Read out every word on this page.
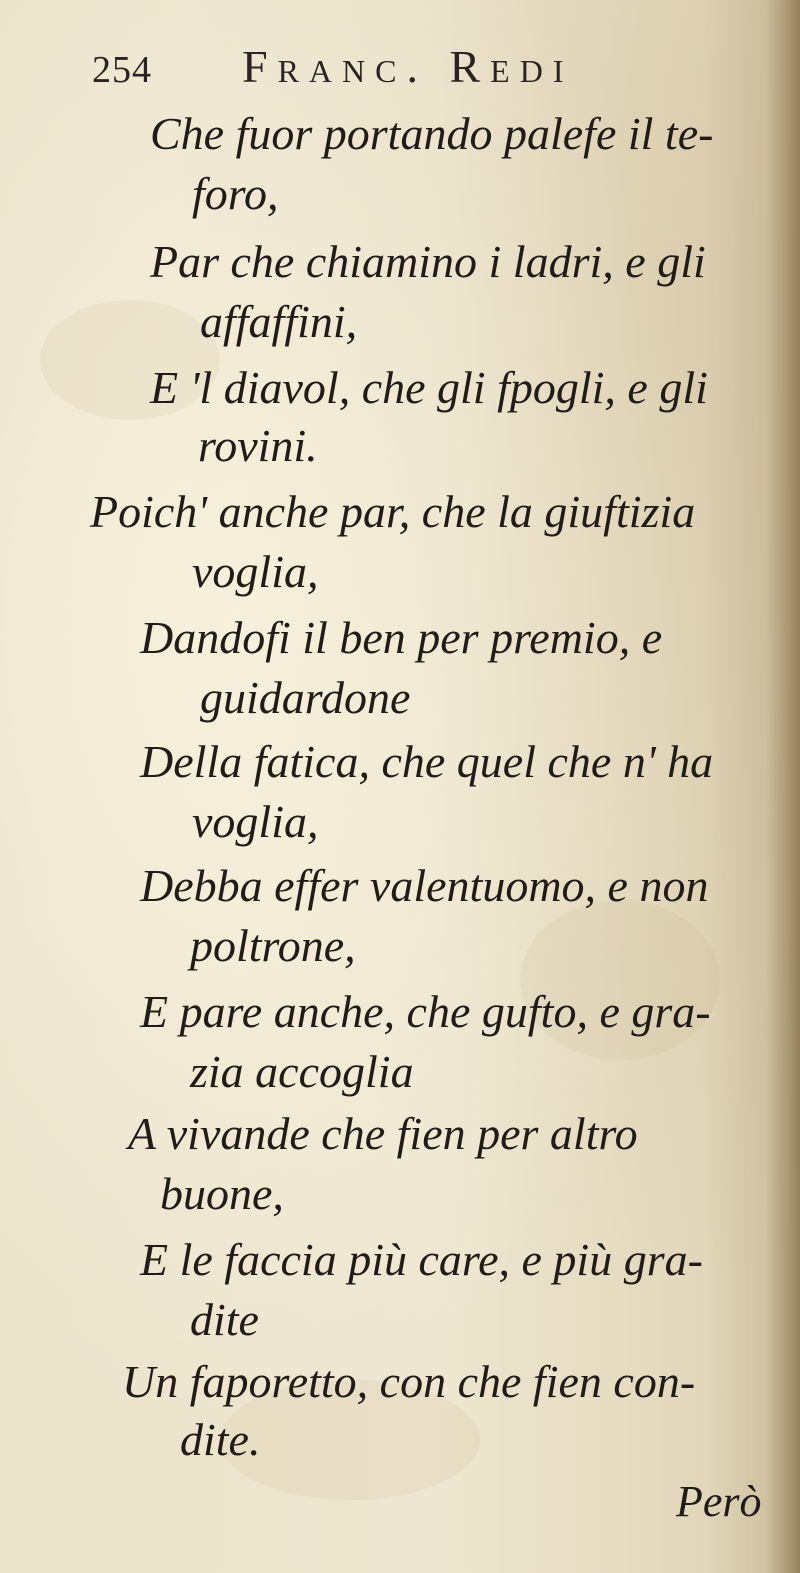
254 Franc. Redi
Che fuor portando palefe il te-
foro,
Par che chiamino i ladri, e gli
affaffini,
E 'l diavol, che gli fpogli, e gli
rovini.
Poich' anche par, che la giuftizia
voglia,
Dandofi il ben per premio, e
guidardone
Della fatica, che quel che n' ha
voglia,
Debba effer valentuomo, e non
poltrone,
E pare anche, che gufto, e gra-
zia accoglia
A vivande che fien per altro
buone,
E le faccia più care, e più gra-
dite
Un faporetto, con che fien con-
dite.
Però
